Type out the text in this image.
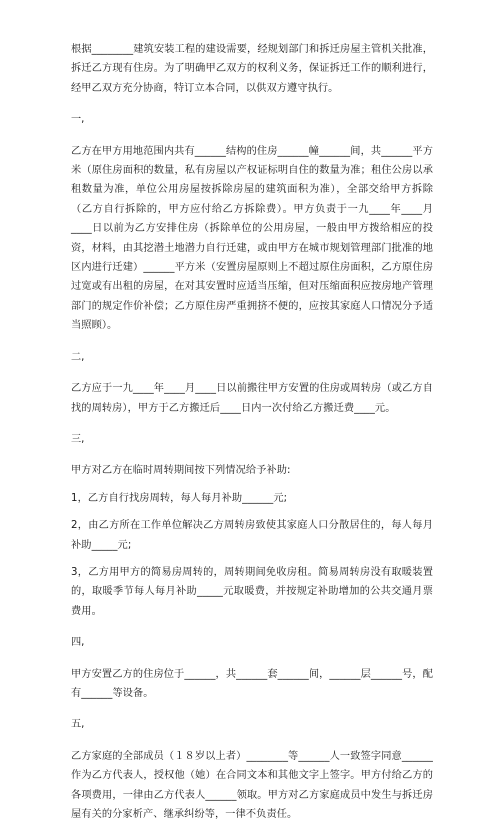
根据________建筑安装工程的建设需要，经规划部门和拆迁房屋主管机关批准，拆迁乙方现有住房。为了明确甲乙双方的权利义务，保证拆迁工作的顺利进行，经甲乙双方充分协商，特订立本合同，以供双方遵守执行。

一,

乙方在甲方用地范围内共有______结构的住房______幢______间，共______平方米（原住房面积的数量，私有房屋以产权证标明自住的数量为准；租住公房以承租数量为准，单位公用房屋按拆除房屋的建筑面积为准），全部交给甲方拆除（乙方自行拆除的，甲方应付给乙方拆除费）。甲方负责于一九____年____月____日以前为乙方安排住房（拆除单位的公用房屋，一般由甲方拨给相应的投资，材料，由其挖潜土地潜力自行迁建，或由甲方在城市规划管理部门批准的地区内进行迁建）______平方米（安置房屋原则上不超过原住房面积，乙方原住房过宽或有出租的房屋，在对其安置时应适当压缩，但对压缩面积应按房地产管理部门的规定作价补偿；乙方原住房严重拥挤不便的，应按其家庭人口情况分予适当照顾）。

二,

乙方应于一九____年____月____日以前搬往甲方安置的住房或周转房（或乙方自找的周转房），甲方于乙方搬迁后____日内一次付给乙方搬迁费____元。

三,

甲方对乙方在临时周转期间按下列情况给予补助:

1，乙方自行找房周转，每人每月补助______元;

2，由乙方所在工作单位解决乙方周转房致使其家庭人口分散居住的，每人每月补助_____元;

3，乙方用甲方的简易房周转的，周转期间免收房租。简易周转房没有取暖装置的，取暖季节每人每月补助_____元取暖费，并按规定补助增加的公共交通月票费用。

四,

甲方安置乙方的住房位于______，共______套______间，______层______号，配有______等设备。

五,

乙方家庭的全部成员（１８岁以上者）________等______人一致签字同意______作为乙方代表人，授权他（她）在合同文本和其他文字上签字。甲方付给乙方的各项费用，一律由乙方代表人______领取。甲方对乙方家庭成员中发生与拆迁房屋有关的分家析产、继承纠纷等，一律不负责任。
